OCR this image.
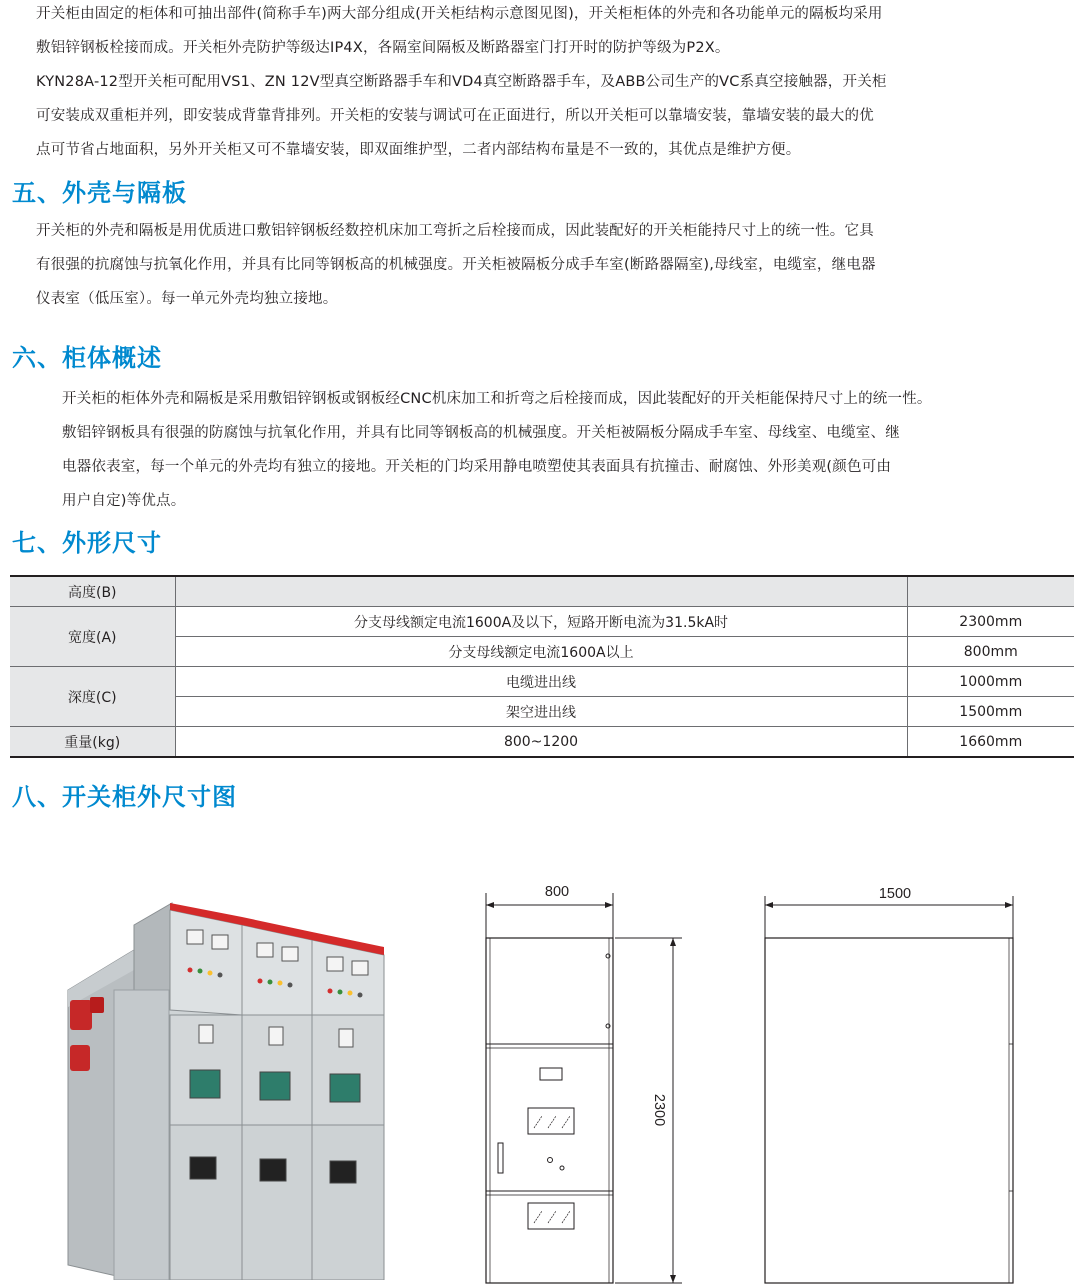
开关柜由固定的柜体和可抽出部件(简称手车)两大部分组成(开关柜结构示意图见图)，开关柜柜体的外壳和各功能单元的隔板均采用
敷铝锌钢板栓接而成。开关柜外壳防护等级达IP4X，各隔室间隔板及断路器室门打开时的防护等级为P2X。
KYN28A-12型开关柜可配用VS1、ZN 12V型真空断路器手车和VD4真空断路器手车，及ABB公司生产的VC系真空接触器，开关柜
可安装成双重柜并列，即安装成背靠背排列。开关柜的安装与调试可在正面进行，所以开关柜可以靠墙安装，靠墙安装的最大的优
点可节省占地面积，另外开关柜又可不靠墙安装，即双面维护型，二者内部结构布量是不一致的，其优点是维护方便。
五、外壳与隔板
开关柜的外壳和隔板是用优质进口敷铝锌钢板经数控机床加工弯折之后栓接而成，因此装配好的开关柜能持尺寸上的统一性。它具
有很强的抗腐蚀与抗氧化作用，并具有比同等钢板高的机械强度。开关柜被隔板分成手车室(断路器隔室),母线室，电缆室，继电器
仪表室（低压室）。每一单元外壳均独立接地。
六、柜体概述
开关柜的柜体外壳和隔板是采用敷铝锌钢板或钢板经CNC机床加工和折弯之后栓接而成，因此装配好的开关柜能保持尺寸上的统一性。
敷铝锌钢板具有很强的防腐蚀与抗氧化作用，并具有比同等钢板高的机械强度。开关柜被隔板分隔成手车室、母线室、电缆室、继
电器依表室，每一个单元的外壳均有独立的接地。开关柜的门均采用静电喷塑使其表面具有抗撞击、耐腐蚀、外形美观(颜色可由
用户自定)等优点。
七、外形尺寸
高度(B)		
宽度(A)	分支母线额定电流1600A及以下，短路开断电流为31.5kA时	2300mm
	分支母线额定电流1600A以上	800mm
深度(C)	电缆进出线	1000mm
	架空进出线	1500mm
重量(kg)	800~1200	1660mm
八、开关柜外尺寸图
800
2300
1500
